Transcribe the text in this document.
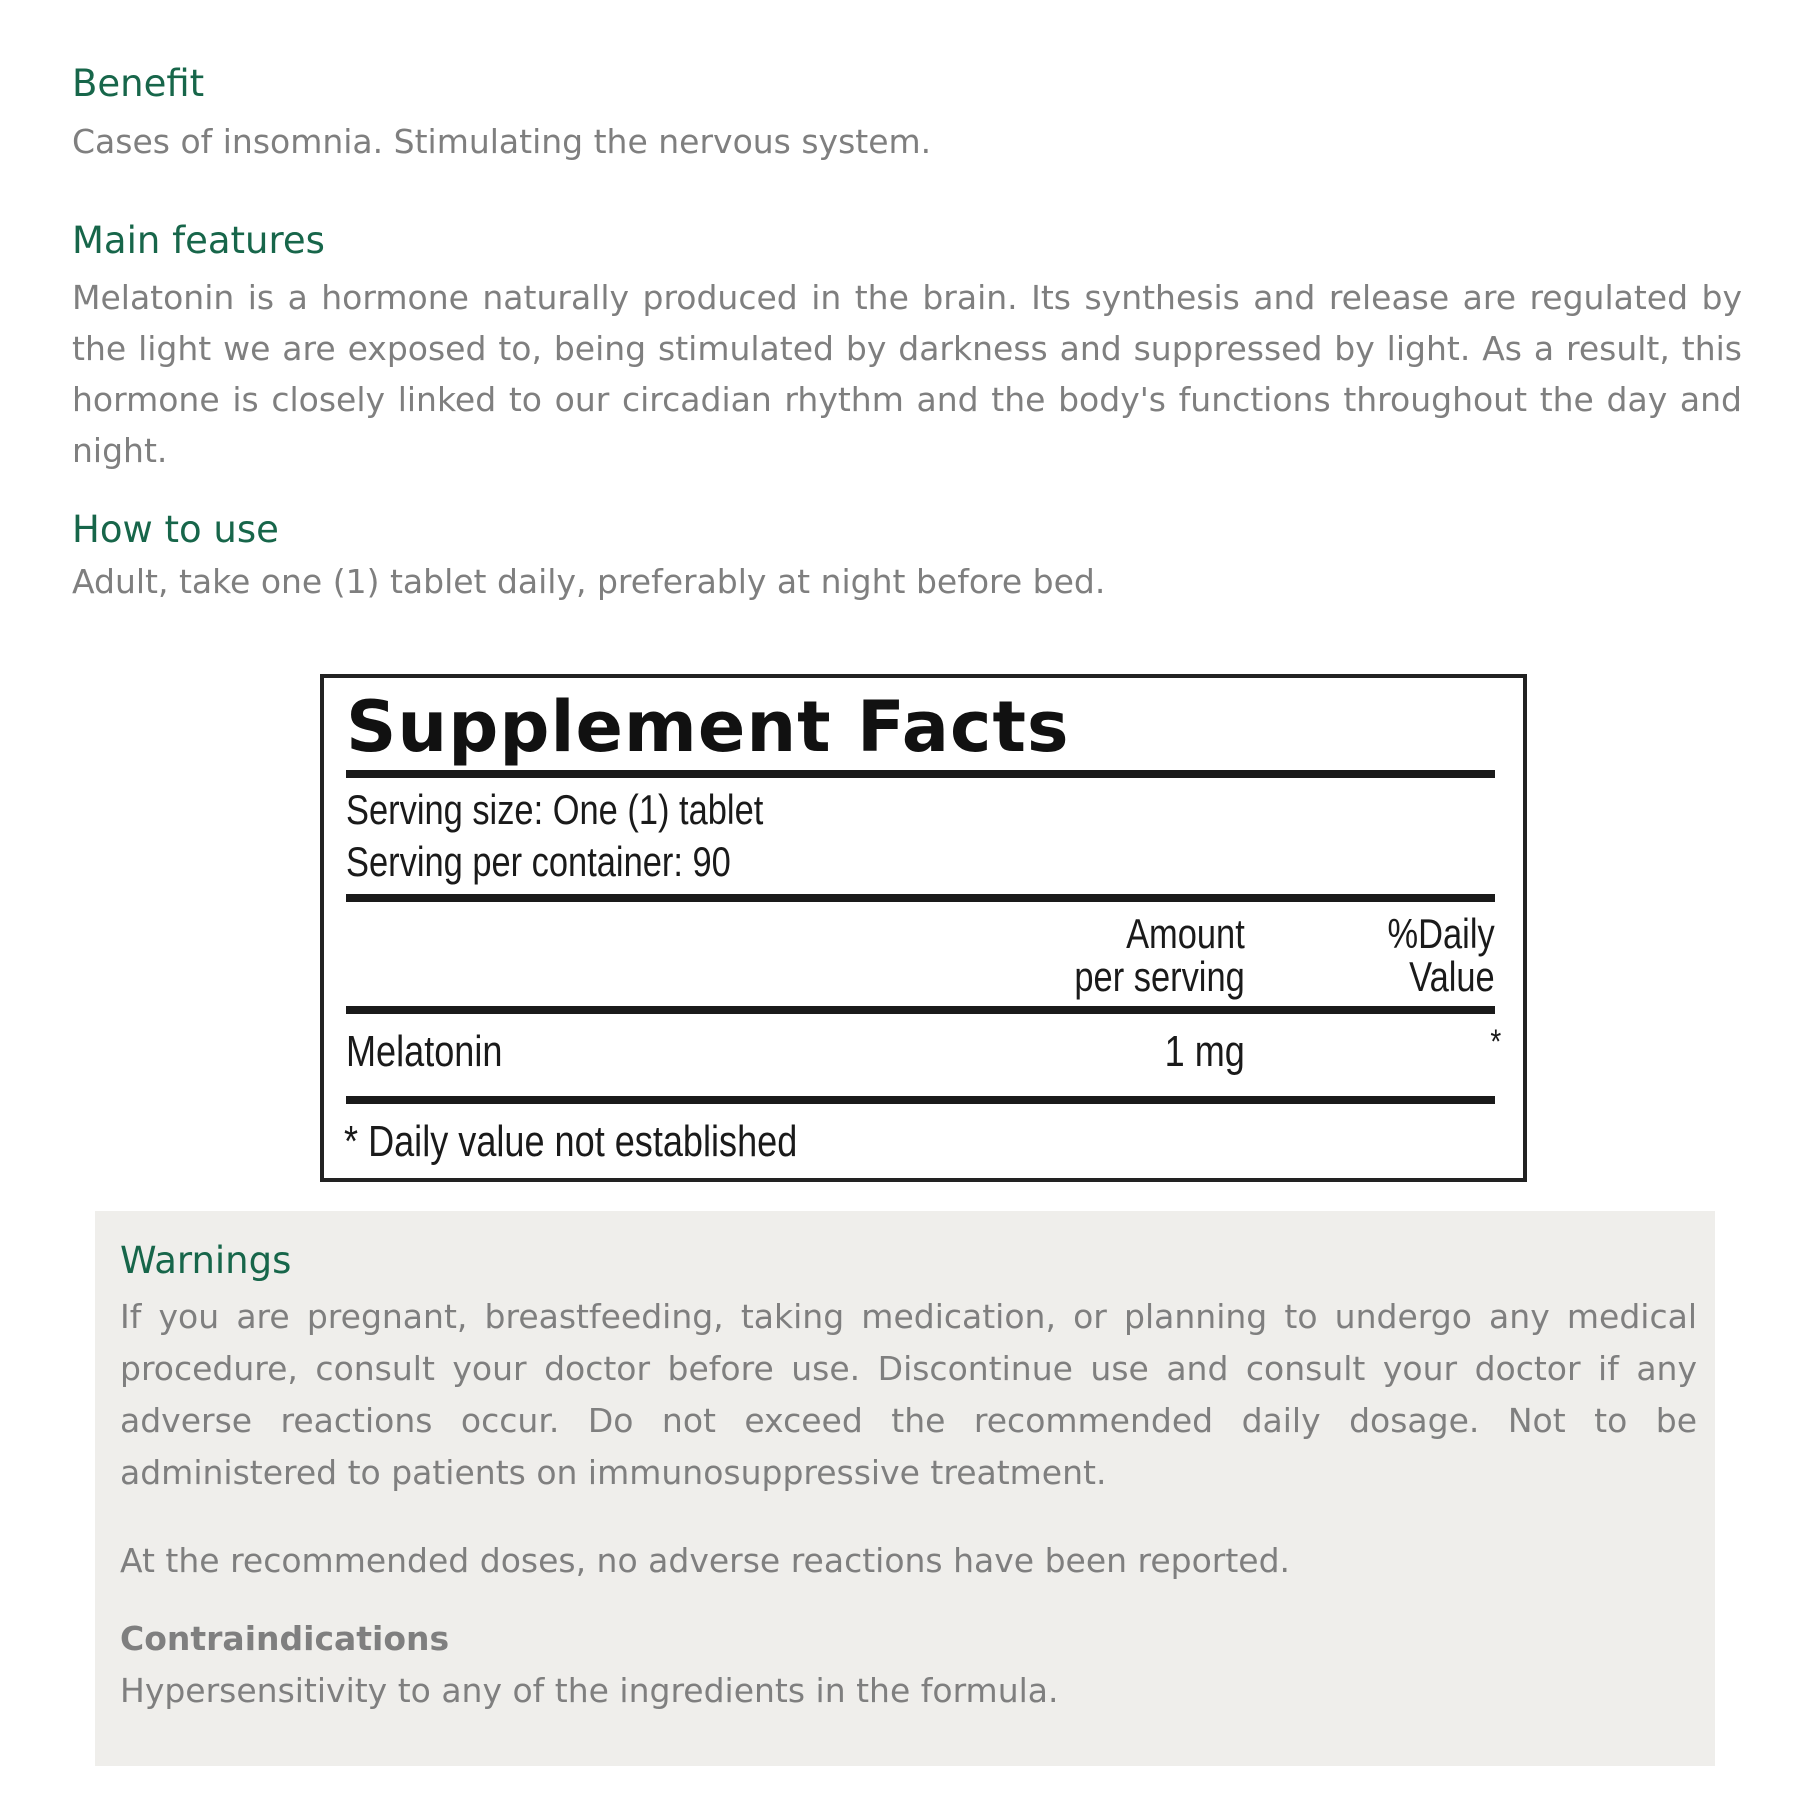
Benefit

Cases of insomnia. Stimulating the nervous system.

Main features

Melatonin is a hormone naturally produced in the brain. Its synthesis and release are regulated by the light we are exposed to, being stimulated by darkness and suppressed by light. As a result, this hormone is closely linked to our circadian rhythm and the body's functions throughout the day and night.

How to use

Adult, take one (1) tablet daily, preferably at night before bed.

Supplement Facts
Serving size: One (1) tablet
Serving per container: 90
Amount
per serving
%Daily
Value
Melatonin	1 mg	*
* Daily value not established
Warnings

If you are pregnant, breastfeeding, taking medication, or planning to undergo any medical procedure, consult your doctor before use. Discontinue use and consult your doctor if any adverse reactions occur. Do not exceed the recommended daily dosage. Not to be administered to patients on immunosuppressive treatment.

At the recommended doses, no adverse reactions have been reported.

Contraindications

Hypersensitivity to any of the ingredients in the formula.
